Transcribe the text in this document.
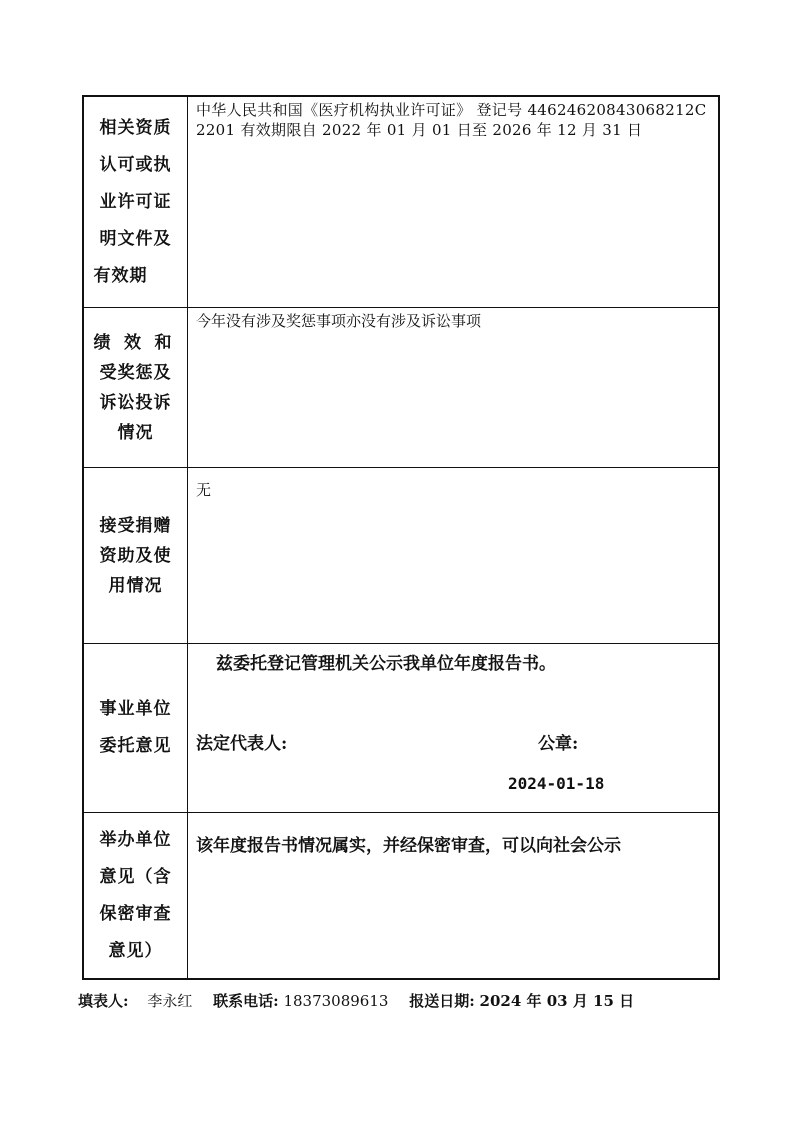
相关资质
认可或执
业许可证
明文件及
有效期
中华人民共和国《医疗机构执业许可证》 登记号 44624620843068212C2201 有效期限自 2022 年 01 月 01 日至 2026 年 12 月 31 日
绩效和
受奖惩及
诉讼投诉
情况
今年没有涉及奖惩事项亦没有涉及诉讼事项
接受捐赠
资助及使
用情况
无
事业单位
委托意见
兹委托登记管理机关公示我单位年度报告书。
法定代表人:	公章:
2024-01-18
举办单位
意见（含
保密审查
意见）
该年度报告书情况属实，并经保密审查，可以向社会公示
填表人: 李永红 联系电话: 18373089613 报送日期: 2024 年 03 月 15 日
